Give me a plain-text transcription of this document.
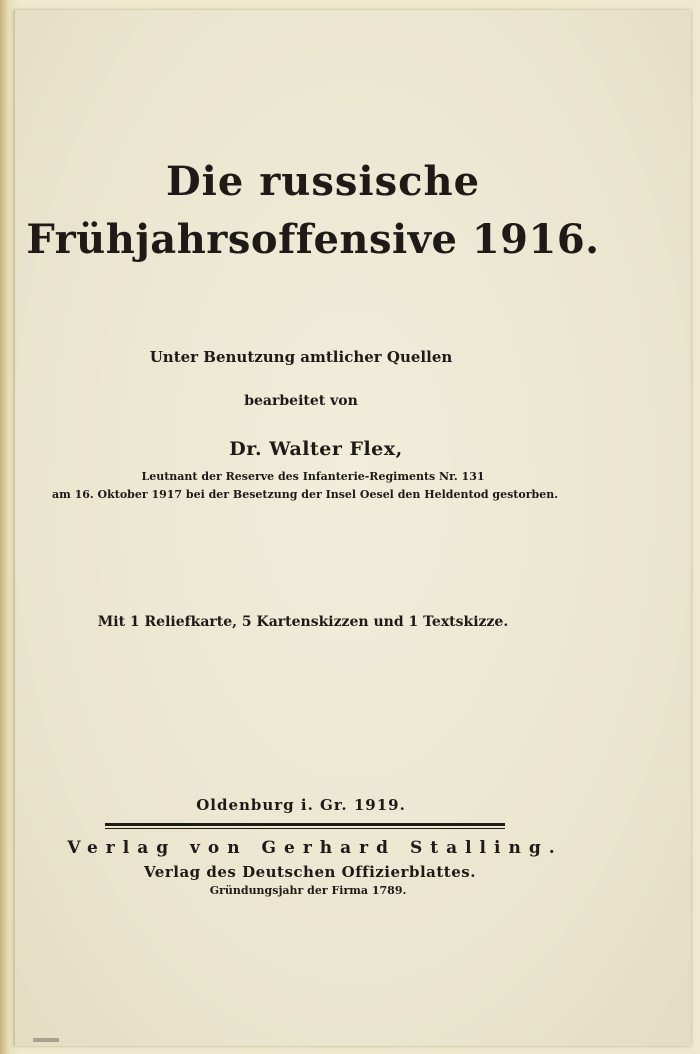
Die russische
Frühjahrsoffensive 1916.
Unter Benutzung amtlicher Quellen
bearbeitet von
Dr. Walter Flex,
Leutnant der Reserve des Infanterie-Regiments Nr. 131
am 16. Oktober 1917 bei der Besetzung der Insel Oesel den Heldentod gestorben.
Mit 1 Reliefkarte, 5 Kartenskizzen und 1 Textskizze.
Oldenburg i. Gr. 1919.
Verlag von Gerhard Stalling.
Verlag des Deutschen Offizierblattes.
Gründungsjahr der Firma 1789.
